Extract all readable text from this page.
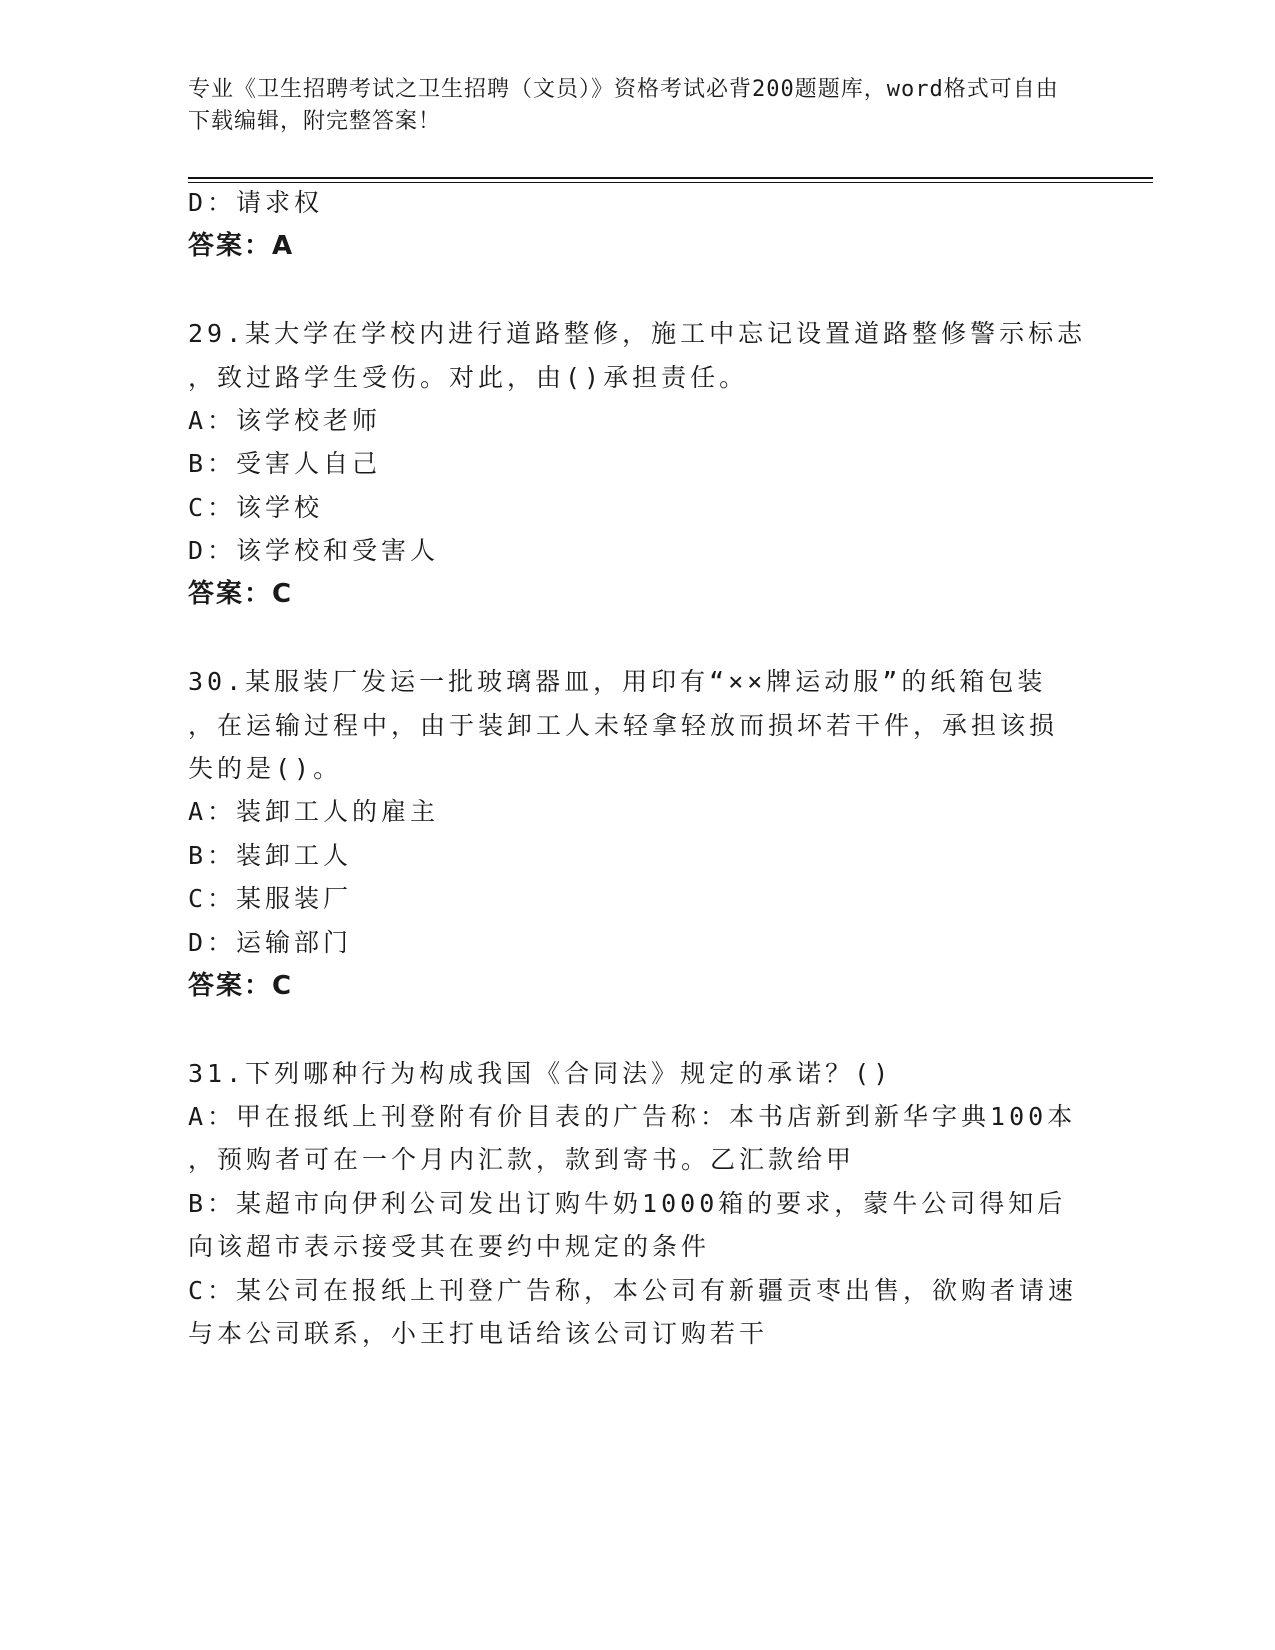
专业《卫生招聘考试之卫生招聘（文员）》资格考试必背200题题库，word格式可自由下载编辑，附完整答案！
D：请求权
答案：A
29.某大学在学校内进行道路整修，施工中忘记设置道路整修警示标志
，致过路学生受伤。对此，由()承担责任。
A：该学校老师
B：受害人自己
C：该学校
D：该学校和受害人
答案：C
30.某服装厂发运一批玻璃器皿，用印有“××牌运动服”的纸箱包装
，在运输过程中，由于装卸工人未轻拿轻放而损坏若干件，承担该损
失的是()。
A：装卸工人的雇主
B：装卸工人
C：某服装厂
D：运输部门
答案：C
31.下列哪种行为构成我国《合同法》规定的承诺？()
A：甲在报纸上刊登附有价目表的广告称：本书店新到新华字典100本
，预购者可在一个月内汇款，款到寄书。乙汇款给甲
B：某超市向伊利公司发出订购牛奶1000箱的要求，蒙牛公司得知后
向该超市表示接受其在要约中规定的条件
C：某公司在报纸上刊登广告称，本公司有新疆贡枣出售，欲购者请速
与本公司联系，小王打电话给该公司订购若干
